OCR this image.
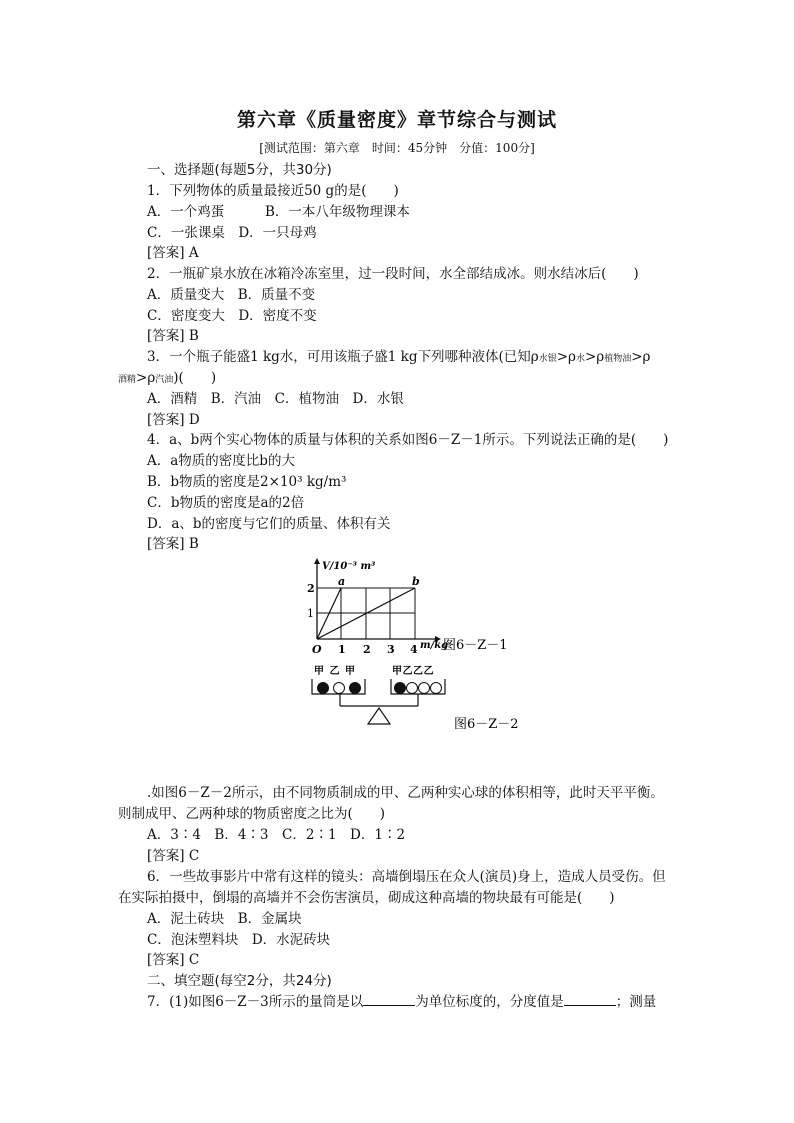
第六章《质量密度》章节综合与测试
[测试范围：第六章　时间：45分钟　分值：100分]
一、选择题(每题5分，共30分)
1．下列物体的质量最接近50 g的是(　　)
A．一个鸡蛋	B．一本八年级物理课本
C．一张课桌　D．一只母鸡
[答案] A
2．一瓶矿泉水放在冰箱冷冻室里，过一段时间，水全部结成冰。则水结冰后(　　)
A．质量变大　B．质量不变
C．密度变大　D．密度不变
[答案] B
3．一个瓶子能盛1 kg水，可用该瓶子盛1 kg下列哪种液体(已知ρ水银>ρ水>ρ植物油>ρ
酒精>ρ汽油)(　　)
A．酒精　B．汽油　C．植物油　D．水银
[答案] D
4．a、b两个实心物体的质量与体积的关系如图6－Z－1所示。下列说法正确的是(　　)
A．a物质的密度比b的大
B．b物质的密度是2×10³ kg/m³
C．b物质的密度是a的2倍
D．a、b的密度与它们的质量、体积有关
[答案] B
V/10⁻³ m³
a	b
2
1
O 1 2 3 4 m/kg
图6－Z－1
甲 乙 甲	甲乙乙乙
图6－Z－2
.如图6－Z－2所示，由不同物质制成的甲、乙两种实心球的体积相等，此时天平平衡。
则制成甲、乙两种球的物质密度之比为(　　)
A．3∶4　B．4∶3　C．2∶1　D．1∶2
[答案] C
6．一些故事影片中常有这样的镜头：高墙倒塌压在众人(演员)身上，造成人员受伤。但
在实际拍摄中，倒塌的高墙并不会伤害演员，砌成这种高墙的物块最有可能是(　　)
A．泥土砖块　B．金属块
C．泡沫塑料块　D．水泥砖块
[答案] C
二、填空题(每空2分，共24分)
7．(1)如图6－Z－3所示的量筒是以	为单位标度的，分度值是	；测量
